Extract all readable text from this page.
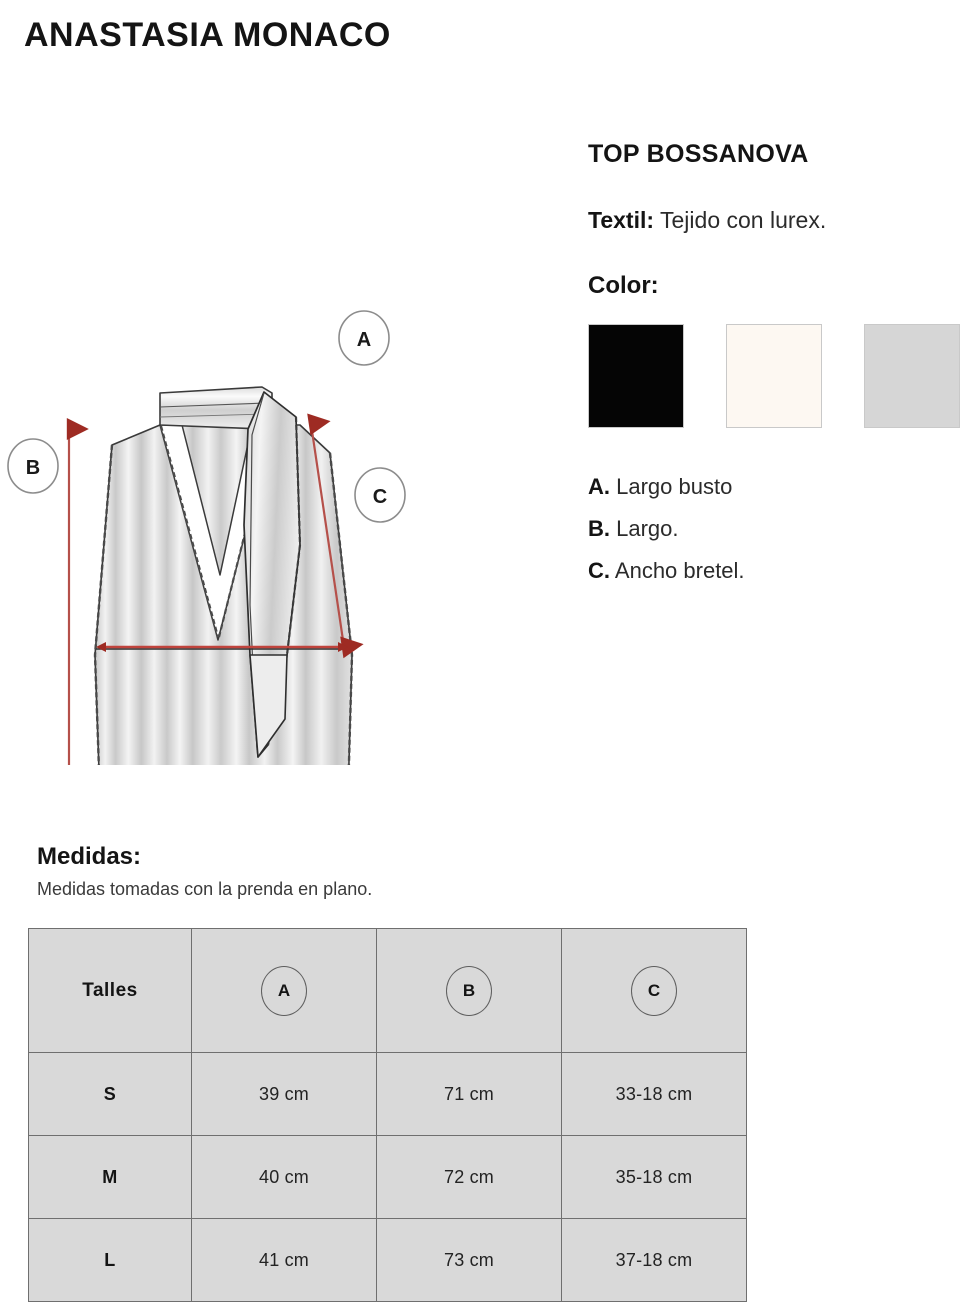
ANASTASIA MONACO
A
B
C
TOP BOSSANOVA
Textil: Tejido con lurex.
Color:
A. Largo busto
B. Largo.
C. Ancho bretel.
Medidas:
Medidas tomadas con la prenda en plano.
Talles	A	B	C
S	39 cm	71 cm	33-18 cm
M	40 cm	72 cm	35-18 cm
L	41 cm	73 cm	37-18 cm
